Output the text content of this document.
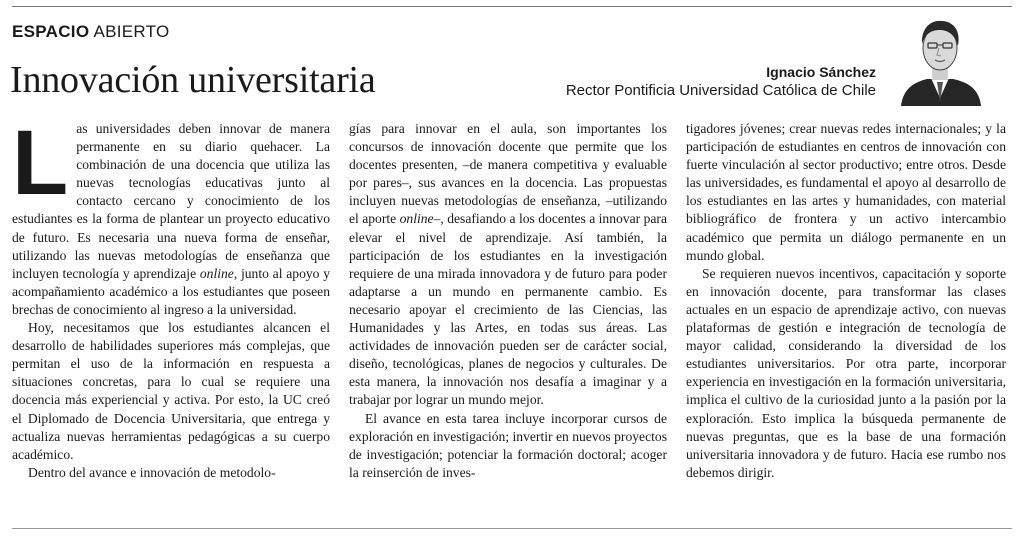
ESPACIO ABIERTO
Innovación universitaria	Ignacio Sánchez
Rector Pontificia Universidad Católica de Chile

Las universidades deben innovar de manera permanente en su diario quehacer. La combinación de una docencia que utiliza las nuevas tecnologías educativas junto al contacto cercano y conocimiento de los estudiantes es la forma de plantear un proyecto educativo de futuro. Es necesaria una nueva forma de enseñar, utilizando las nuevas metodologías de enseñanza que incluyen tecnología y aprendizaje online, junto al apoyo y acompañamiento académico a los estudiantes que poseen brechas de conocimiento al ingreso a la universidad.

Hoy, necesitamos que los estudiantes alcancen el desarrollo de habilidades superiores más complejas, que permitan el uso de la información en respuesta a situaciones concretas, para lo cual se requiere una docencia más experiencial y activa. Por esto, la UC creó el Diplomado de Docencia Universitaria, que entrega y actualiza nuevas herramientas pedagógicas a su cuerpo académico.

Dentro del avance e innovación de metodolo-

gías para innovar en el aula, son importantes los concursos de innovación docente que permite que los docentes presenten, –de manera competitiva y evaluable por pares–, sus avances en la docencia. Las propuestas incluyen nuevas metodologías de enseñanza, –utilizando el aporte online–, desafiando a los docentes a innovar para elevar el nivel de aprendizaje. Así también, la participación de los estudiantes en la investigación requiere de una mirada innovadora y de futuro para poder adaptarse a un mundo en permanente cambio. Es necesario apoyar el crecimiento de las Ciencias, las Humanidades y las Artes, en todas sus áreas. Las actividades de innovación pueden ser de carácter social, diseño, tecnológicas, planes de negocios y culturales. De esta manera, la innovación nos desafía a imaginar y a trabajar por lograr un mundo mejor.

El avance en esta tarea incluye incorporar cursos de exploración en investigación; invertir en nuevos proyectos de investigación; potenciar la formación doctoral; acoger la reinserción de inves-

tigadores jóvenes; crear nuevas redes internacionales; y la participación de estudiantes en centros de innovación con fuerte vinculación al sector productivo; entre otros. Desde las universidades, es fundamental el apoyo al desarrollo de los estudiantes en las artes y humanidades, con material bibliográfico de frontera y un activo intercambio académico que permita un diálogo permanente en un mundo global.

Se requieren nuevos incentivos, capacitación y soporte en innovación docente, para transformar las clases actuales en un espacio de aprendizaje activo, con nuevas plataformas de gestión e integración de tecnología de mayor calidad, considerando la diversidad de los estudiantes universitarios. Por otra parte, incorporar experiencia en investigación en la formación universitaria, implica el cultivo de la curiosidad junto a la pasión por la exploración. Esto implica la búsqueda permanente de nuevas preguntas, que es la base de una formación universitaria innovadora y de futuro. Hacia ese rumbo nos debemos dirigir.
